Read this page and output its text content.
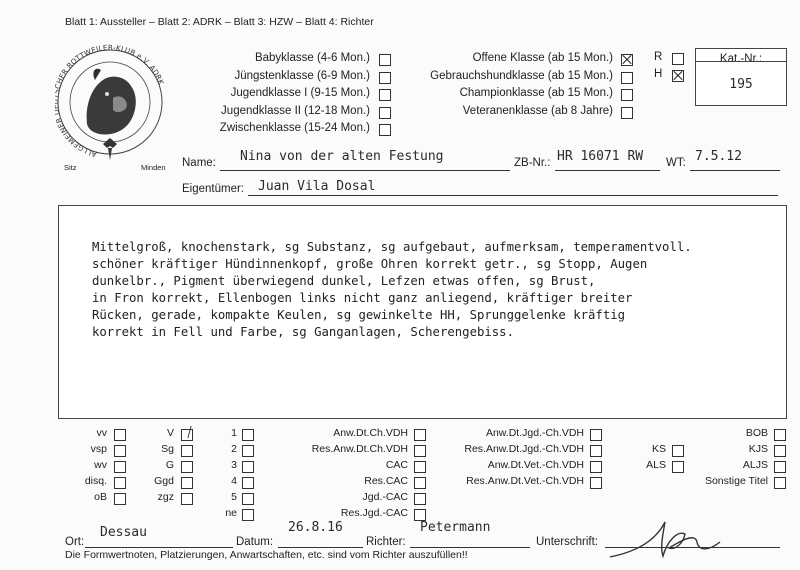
Blatt 1: Aussteller – Blatt 2: ADRK – Blatt 3: HZW – Blatt 4: Richter
ALLGEMEINE HER ROTTWEILER-KLUB e.V. ADRK
Sitz	Minden
Babyklasse (4-6 Mon.)
Jüngstenklasse (6-9 Mon.)
Jugendklasse I (9-15 Mon.)
Jugendklasse II (12-18 Mon.)
Zwischenklasse (15-24 Mon.)
Offene Klasse (ab 15 Mon.)
Gebrauchshundklasse (ab 15 Mon.)
Championklasse (ab 15 Mon.)
Veteranenklasse (ab 8 Jahre)
R
H
Kat.-Nr.:
195
Name: Nina von der alten Festung	ZB-Nr.: HR 16071 RW WT: 7.5.12
Eigentümer: Juan Vila Dosal
Mittelgroß, knochenstark, sg Substanz, sg aufgebaut, aufmerksam, temperamentvoll.
schöner kräftiger Hündinnenkopf, große Ohren korrekt getr., sg Stopp, Augen
dunkelbr., Pigment überwiegend dunkel, Lefzen etwas offen, sg Brust,
in Fron korrekt, Ellenbogen links nicht ganz anliegend, kräftiger breiter
Rücken, gerade, kompakte Keulen, sg gewinkelte HH, Sprunggelenke kräftig
korrekt in Fell und Farbe, sg Ganganlagen, Scherengebiss.
vv
vsp
wv
disq.
oB
V
Sg
G
Ggd
zgz
1
2
3
4
5
ne
Anw.Dt.Ch.VDH
Res.Anw.Dt.Ch.VDH
CAC
Res.CAC
Jgd.-CAC
Res.Jgd.-CAC
Anw.Dt.Jgd.-Ch.VDH
Res.Anw.Dt.Jgd.-Ch.VDH
Anw.Dt.Vet.-Ch.VDH
Res.Anw.Dt.Vet.-Ch.VDH
KS
ALS
BOB
KJS
ALJS
Sonstige Titel
Ort:
Dessau
Datum:
26.8.16
Richter:
Petermann
Unterschrift:
Die Formwertnoten, Platzierungen, Anwartschaften, etc. sind vom Richter auszufüllen!!
